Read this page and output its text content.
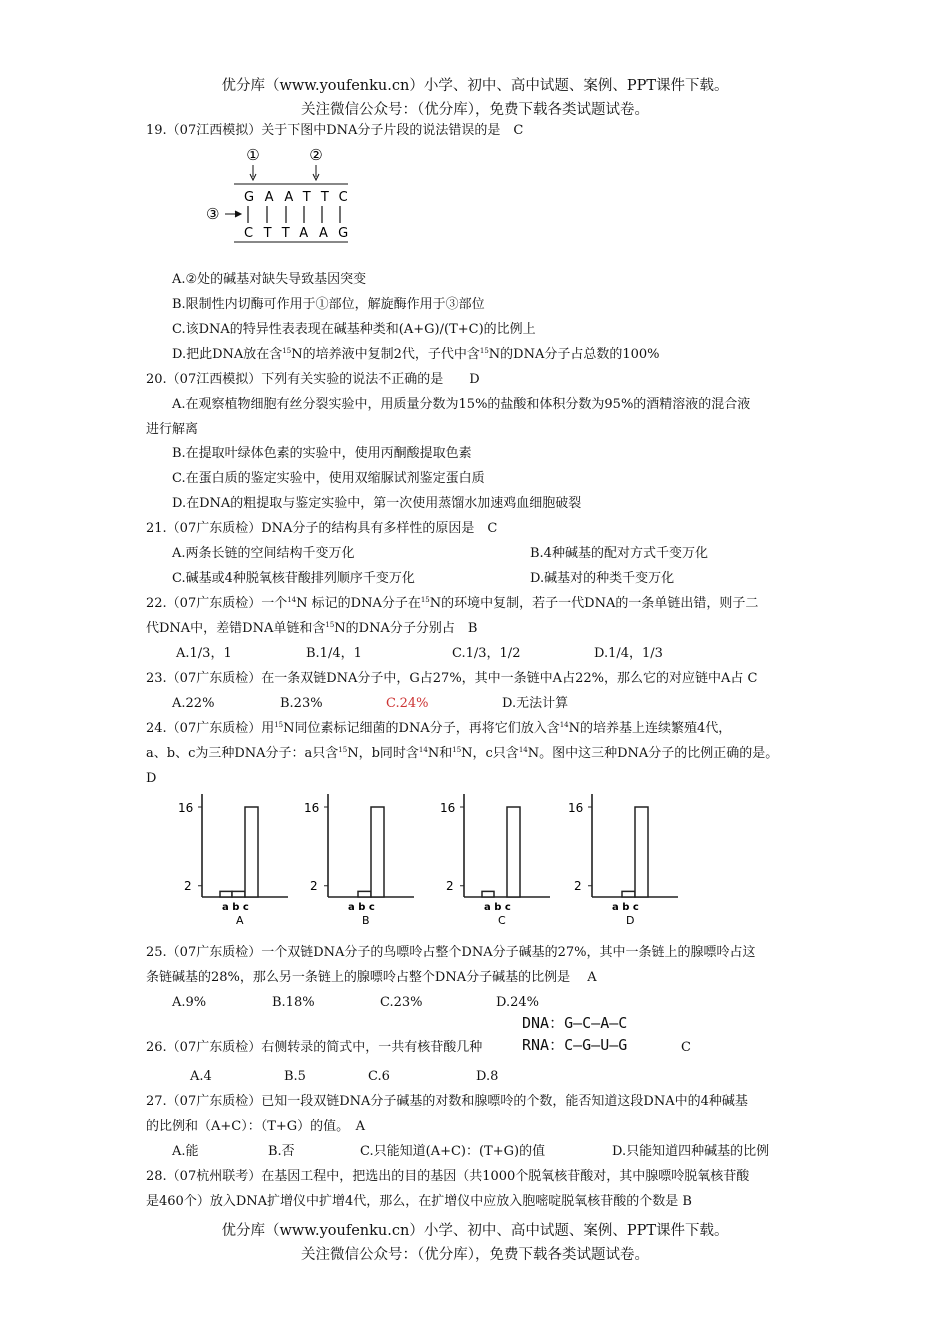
优分库（www.youfenku.cn）小学、初中、高中试题、案例、PPT课件下载。
关注微信公众号：（优分库），免费下载各类试题试卷。
19.（07江西模拟）关于下图中DNA分子片段的说法错误的是　C
①	②
GAATTC
③
CTTAAG
A.②处的碱基对缺失导致基因突变
B.限制性内切酶可作用于①部位，解旋酶作用于③部位
C.该DNA的特异性表表现在碱基种类和(A+G)/(T+C)的比例上
D.把此DNA放在含$^{15}$N的培养液中复制2代，子代中含$^{15}$N的DNA分子占总数的100%
20.（07江西模拟）下列有关实验的说法不正确的是　　D
A.在观察植物细胞有丝分裂实验中，用质量分数为15%的盐酸和体积分数为95%的酒精溶液的混合液
进行解离
B.在提取叶绿体色素的实验中，使用丙酮酸提取色素
C.在蛋白质的鉴定实验中，使用双缩脲试剂鉴定蛋白质
D.在DNA的粗提取与鉴定实验中，第一次使用蒸馏水加速鸡血细胞破裂
21.（07广东质检）DNA分子的结构具有多样性的原因是　C
A.两条长链的空间结构千变万化	B.4种碱基的配对方式千变万化
C.碱基或4种脱氧核苷酸排列顺序千变万化	D.碱基对的种类千变万化
22.（07广东质检）一个$^{14}$N 标记的DNA分子在$^{15}$N的环境中复制，若子一代DNA的一条单链出错，则子二
代DNA中，差错DNA单链和含$^{15}$N的DNA分子分别占　B
A.1/3，1	B.1/4，1	C.1/3，1/2	D.1/4，1/3
23.（07广东质检）在一条双链DNA分子中，G占27%，其中一条链中A占22%，那么它的对应链中A占 C
A.22%	B.23%	C.24%	D.无法计算
24.（07广东质检）用$^{15}$N同位素标记细菌的DNA分子，再将它们放入含$^{14}$N的培养基上连续繁殖4代，
a、b、c为三种DNA分子：a只含$^{15}$N，b同时含$^{14}$N和$^{15}$N，c只含$^{14}$N。图中这三种DNA分子的比例正确的是。
D
16
2
a b c
A
16
2
a b c
B
16
2
a b c
C
16
2
a b c
D
25.（07广东质检）一个双链DNA分子的鸟嘌呤占整个DNA分子碱基的27%，其中一条链上的腺嘌呤占这
条链碱基的28%，那么另一条链上的腺嘌呤占整个DNA分子碱基的比例是　 A
A.9%	B.18%	C.23%	D.24%
DNA：G—C—A—C
RNA：C—G—U—G
26.（07广东质检）右侧转录的简式中，一共有核苷酸几种	C
A.4	B.5	C.6	D.8
27.（07广东质检）已知一段双链DNA分子碱基的对数和腺嘌呤的个数，能否知道这段DNA中的4种碱基
的比例和（A+C）：（T+G）的值。　A
A.能	B.否	C.只能知道(A+C)：(T+G)的值	D.只能知道四种碱基的比例
28.（07杭州联考）在基因工程中，把选出的目的基因（共1000个脱氧核苷酸对，其中腺嘌呤脱氧核苷酸
是460个）放入DNA扩增仪中扩增4代，那么，在扩增仪中应放入胞嘧啶脱氧核苷酸的个数是 B
优分库（www.youfenku.cn）小学、初中、高中试题、案例、PPT课件下载。
关注微信公众号：（优分库），免费下载各类试题试卷。
